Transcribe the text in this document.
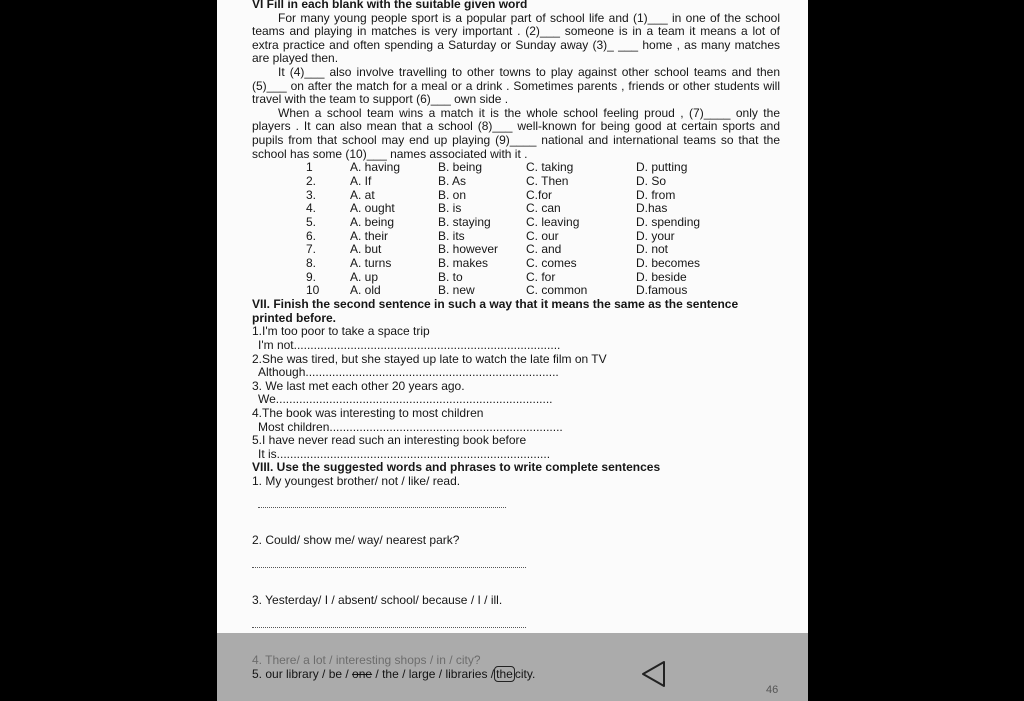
VI Fill in each blank with the suitable given word
For many young people sport is a popular part of school life and (1)___ in one of the school teams and playing in matches is very important . (2)___ someone is in a team it means a lot of extra practice and often spending a Saturday or Sunday away (3)_ ___ home , as many matches are played then.
It (4)___ also involve travelling to other towns to play against other school teams and then (5)___ on after the match for a meal or a drink . Sometimes parents , friends or other students will travel with the team to support (6)___ own side .
When a school team wins a match it is the whole school feeling proud , (7)____ only the players . It can also mean that a school (8)___ well-known for being good at certain sports and pupils from that school may end up playing (9)____ national and international teams so that the school has some (10)___ names associated with it .
1	A. having	B. being	C. taking	D. putting
2.	A. If	B. As	C. Then	D. So
3.	A. at	B. on	C.for	D. from
4.	A. ought	B. is	C. can	D.has
5.	A. being	B. staying	C. leaving	D. spending
6.	A. their	B. its	C. our	D. your
7.	A. but	B. however	C. and	D. not
8.	A. turns	B. makes	C. comes	D. becomes
9.	A. up	B. to	C. for	D. beside
10	A. old	B. new	C. common	D.famous
VII. Finish the second sentence in such a way that it means the same as the sentence printed before.
1.I'm too poor to take a space trip
I'm not................................................................................
2.She was tired, but she stayed up late to watch the late film on TV
Although............................................................................
3. We last met each other 20 years ago.
We...................................................................................
4.The book was interesting to most children
Most children......................................................................
5.I have never read such an interesting book before
It is..................................................................................
VIII. Use the suggested words and phrases to write complete sentences
1. My youngest brother/ not / like/ read.
2. Could/ show me/ way/ nearest park?
3. Yesterday/ I / absent/ school/ because / I / ill.
5. our library / be / one / the / large / libraries / the city.
46
